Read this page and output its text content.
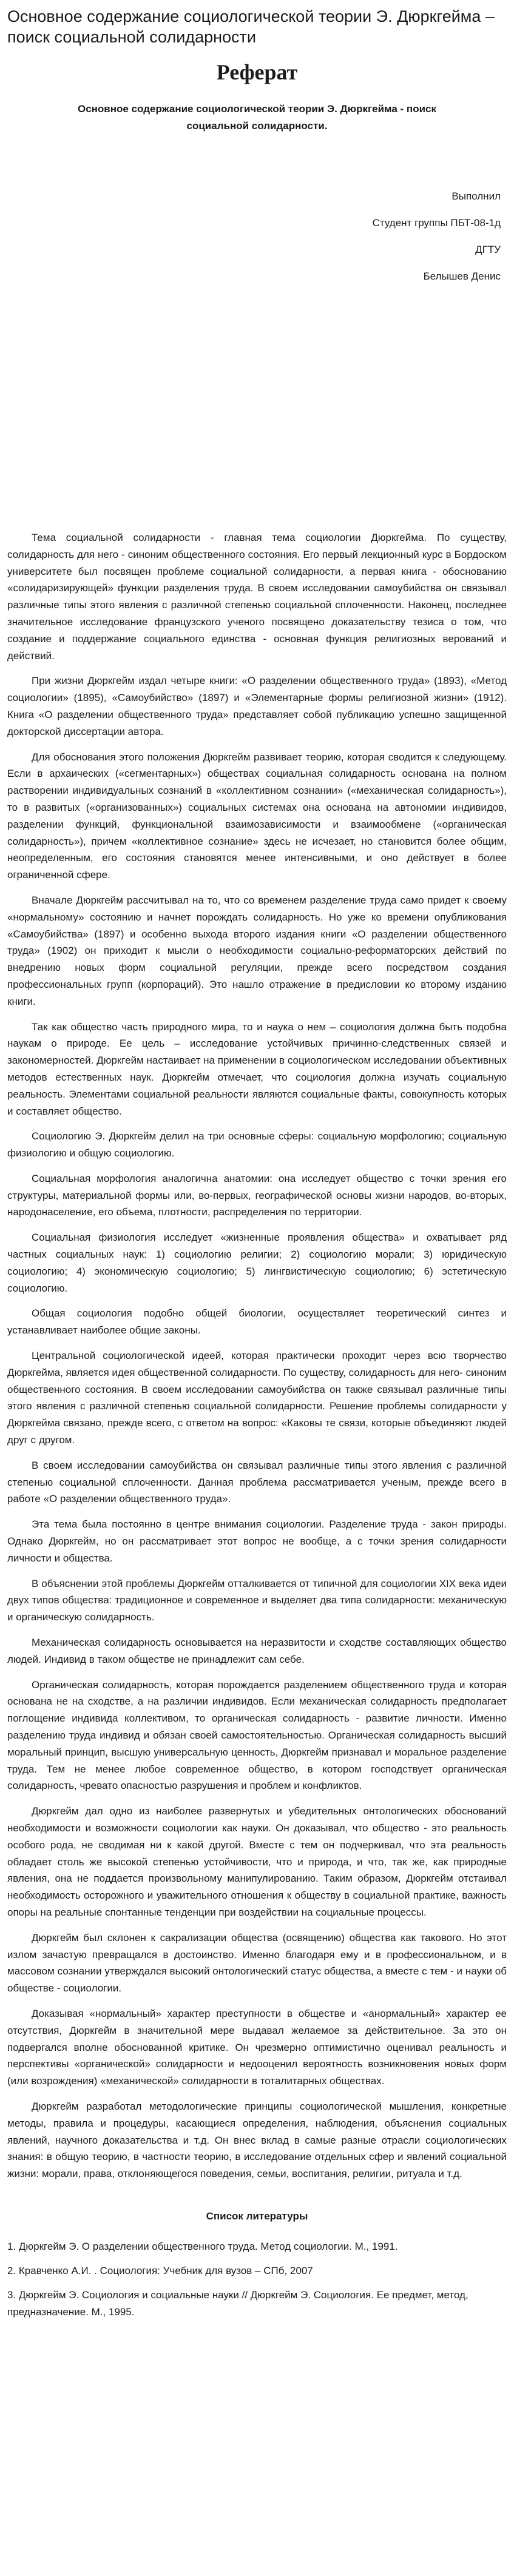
Основное содержание социологической теории Э. Дюркгейма – поиск социальной солидарности
Реферат
Основное содержание социологической теории Э. Дюркгейма - поиск социальной солидарности.
Выполнил
Студент группы ПБТ-08-1д
ДГТУ
Белышев Денис

Тема социальной солидарности - главная тема социологии Дюркгейма. По существу, солидарность для него - синоним общественного состояния. Его первый лекционный курс в Бордоском университете был посвящен проблеме социальной солидарности, а первая книга - обоснованию «солидаризирующей» функции разделения труда. В своем исследовании самоубийства он связывал различные типы этого явления с различной степенью социальной сплоченности. Наконец, последнее значительное исследование французского ученого посвящено доказательству тезиса о том, что создание и поддержание социального единства - основная функция религиозных верований и действий.

При жизни Дюркгейм издал четыре книги: «О разделении общественного труда» (1893), «Метод социологии» (1895), «Самоубийство» (1897) и «Элементарные формы религиозной жизни» (1912). Книга «О разделении общественного труда» представляет собой публикацию успешно защищенной докторской диссертации автора.

Для обоснования этого положения Дюркгейм развивает теорию, которая сводится к следующему. Если в архаических («сегментарных») обществах социальная солидарность основана на полном растворении индивидуальных сознаний в «коллективном сознании» («механическая солидарность»), то в развитых («организованных») социальных системах она основана на автономии индивидов, разделении функций, функциональной взаимозависимости и взаимообмене («органическая солидарность»), причем «коллективное сознание» здесь не исчезает, но становится более общим, неопределенным, его состояния становятся менее интенсивными, и оно действует в более ограниченной сфере.

Вначале Дюркгейм рассчитывал на то, что со временем разделение труда само придет к своему «нормальному» состоянию и начнет порождать солидарность. Но уже ко времени опубликования «Самоубийства» (1897) и особенно выхода второго издания книги «О разделении общественного труда» (1902) он приходит к мысли о необходимости социально-реформаторских действий по внедрению новых форм социальной регуляции, прежде всего посредством создания профессиональных групп (корпораций). Это нашло отражение в предисловии ко второму изданию книги.

Так как общество часть природного мира, то и наука о нем – социология должна быть подобна наукам о природе. Ее цель – исследование устойчивых причинно-следственных связей и закономерностей. Дюркгейм настаивает на применении в социологическом исследовании объективных методов естественных наук. Дюркгейм отмечает, что социология должна изучать социальную реальность. Элементами социальной реальности являются социальные факты, совокупность которых и составляет общество.

Социологию Э. Дюркгейм делил на три основные сферы: социальную морфологию; социальную физиологию и общую социологию.

Социальная морфология аналогична анатомии: она исследует общество с точки зрения его структуры, материальной формы или, во-первых, географической основы жизни народов, во-вторых, народонаселение, его объема, плотности, распределения по территории.

Социальная физиология исследует «жизненные проявления общества» и охватывает ряд частных социальных наук: 1) социологию религии; 2) социологию морали; 3) юридическую социологию; 4) экономическую социологию; 5) лингвистическую социологию; 6) эстетическую социологию.

Общая социология подобно общей биологии, осуществляет теоретический синтез и устанавливает наиболее общие законы.

Центральной социологической идеей, которая практически проходит через всю творчество Дюркгейма, является идея общественной солидарности. По существу, солидарность для него- синоним общественного состояния. В своем исследовании самоубийства он также связывал различные типы этого явления с различной степенью социальной солидарности. Решение проблемы солидарности у Дюркгейма связано, прежде всего, с ответом на вопрос: «Каковы те связи, которые объединяют людей друг с другом.

В своем исследовании самоубийства он связывал различные типы этого явления с различной степенью социальной сплоченности. Данная проблема рассматривается ученым, прежде всего в работе «О разделении общественного труда».

Эта тема была постоянно в центре внимания социологии. Разделение труда - закон природы. Однако Дюркгейм, но он рассматривает этот вопрос не вообще, а с точки зрения солидарности личности и общества.

В объяснении этой проблемы Дюркгейм отталкивается от типичной для социологии XIX века идеи двух типов общества: традиционное и современное и выделяет два типа солидарности: механическую и органическую солидарность.

Механическая солидарность основывается на неразвитости и сходстве составляющих общество людей. Индивид в таком обществе не принадлежит сам себе.

Органическая солидарность, которая порождается разделением общественного труда и которая основана не на сходстве, а на различии индивидов. Если механическая солидарность предполагает поглощение индивида коллективом, то органическая солидарность - развитие личности. Именно разделению труда индивид и обязан своей самостоятельностью. Органическая солидарность высший моральный принцип, высшую универсальную ценность, Дюркгейм признавал и моральное разделение труда. Тем не менее любое современное общество, в котором господствует органическая солидарность, чревато опасностью разрушения и проблем и конфликтов.

Дюркгейм дал одно из наиболее развернутых и убедительных онтологических обоснований необходимости и возможности социологии как науки. Он доказывал, что общество - это реальность особого рода, не сводимая ни к какой другой. Вместе с тем он подчеркивал, что эта реальность обладает столь же высокой степенью устойчивости, что и природа, и что, так же, как природные явления, она не поддается произвольному манипулированию. Таким образом, Дюркгейм отстаивал необходимость осторожного и уважительного отношения к обществу в социальной практике, важность опоры на реальные спонтанные тенденции при воздействии на социальные процессы.

Дюркгейм был склонен к сакрализации общества (освящению) общества как такового. Но этот излом зачастую превращался в достоинство. Именно благодаря ему и в профессиональном, и в массовом сознании утверждался высокий онтологический статус общества, а вместе с тем - и науки об обществе - социологии.

Доказывая «нормальный» характер преступности в обществе и «анормальный» характер ее отсутствия, Дюркгейм в значительной мере выдавал желаемое за действительное. За это он подвергался вполне обоснованной критике. Он чрезмерно оптимистично оценивал реальность и перспективы «органической» солидарности и недооценил вероятность возникновения новых форм (или возрождения) «механической» солидарности в тоталитарных обществах.

Дюркгейм разработал методологические принципы социологической мышления, конкретные методы, правила и процедуры, касающиеся определения, наблюдения, объяснения социальных явлений, научного доказательства и т.д. Он внес вклад в самые разные отрасли социологических знания: в общую теорию, в частности теорию, в исследование отдельных сфер и явлений социальной жизни: морали, права, отклоняющегося поведения, семьи, воспитания, религии, ритуала и т.д.

Список литературы
1. Дюркгейм Э. О разделении общественного труда. Метод социологии. М., 1991.
2. Кравченко А.И. . Социология: Учебник для вузов – СПб, 2007
3. Дюркгейм Э. Социология и социальные науки // Дюркгейм Э. Социология. Ее предмет, метод, предназначение. М., 1995.
